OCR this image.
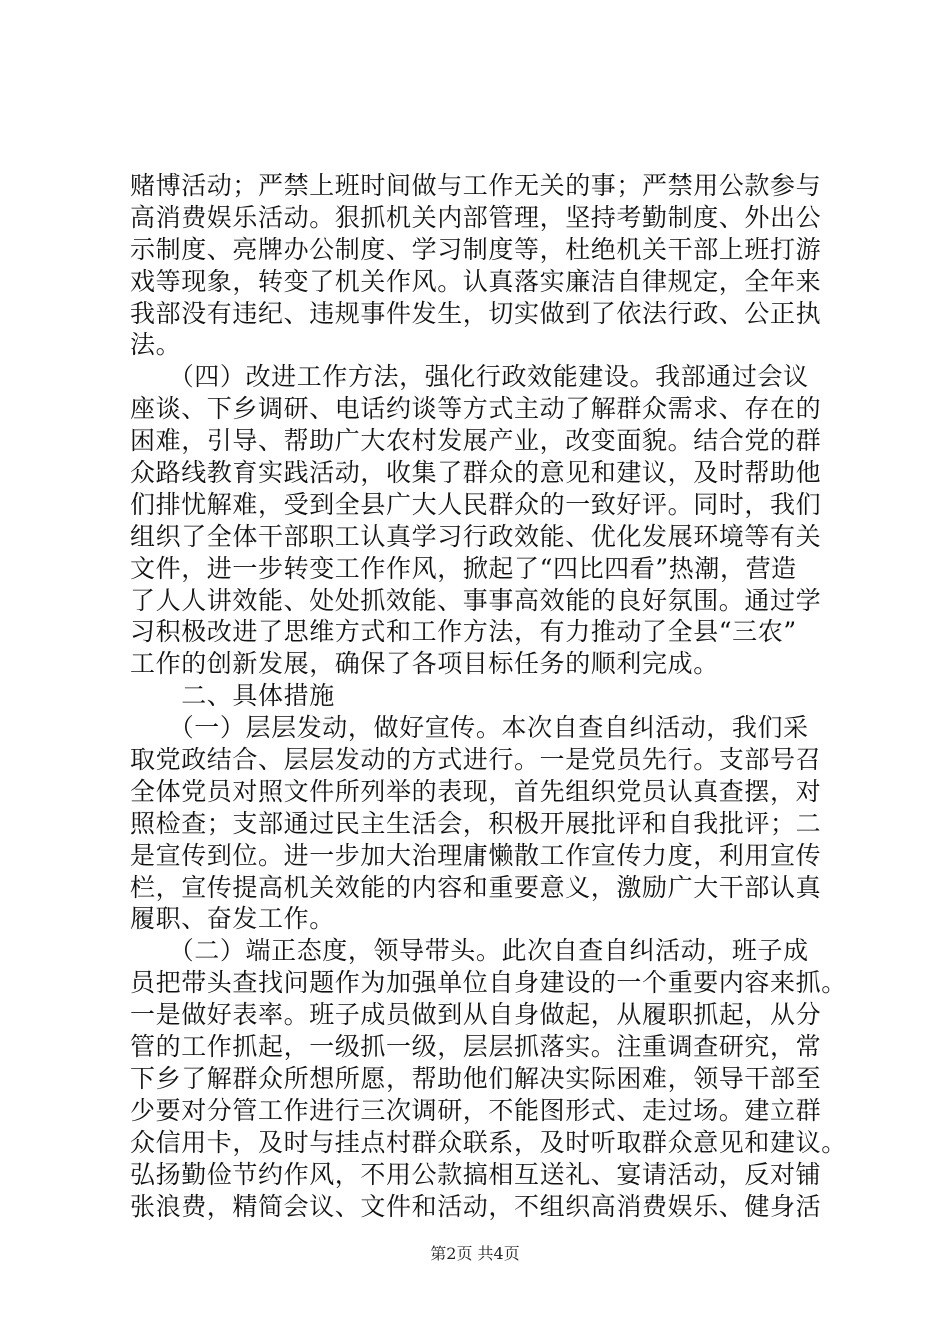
赌博活动；严禁上班时间做与工作无关的事；严禁用公款参与
高消费娱乐活动。狠抓机关内部管理，坚持考勤制度、外出公
示制度、亮牌办公制度、学习制度等，杜绝机关干部上班打游
戏等现象，转变了机关作风。认真落实廉洁自律规定，全年来
我部没有违纪、违规事件发生，切实做到了依法行政、公正执
法。
　　（四）改进工作方法，强化行政效能建设。我部通过会议
座谈、下乡调研、电话约谈等方式主动了解群众需求、存在的
困难，引导、帮助广大农村发展产业，改变面貌。结合党的群
众路线教育实践活动，收集了群众的意见和建议，及时帮助他
们排忧解难，受到全县广大人民群众的一致好评。同时，我们
组织了全体干部职工认真学习行政效能、优化发展环境等有关
文件，进一步转变工作作风，掀起了“四比四看”热潮，营造
了人人讲效能、处处抓效能、事事高效能的良好氛围。通过学
习积极改进了思维方式和工作方法，有力推动了全县“三农”
工作的创新发展，确保了各项目标任务的顺利完成。
　　二、具体措施
　　（一）层层发动，做好宣传。本次自查自纠活动，我们采
取党政结合、层层发动的方式进行。一是党员先行。支部号召
全体党员对照文件所列举的表现，首先组织党员认真查摆，对
照检查；支部通过民主生活会，积极开展批评和自我批评；二
是宣传到位。进一步加大治理庸懒散工作宣传力度，利用宣传
栏，宣传提高机关效能的内容和重要意义，激励广大干部认真
履职、奋发工作。
　　（二）端正态度，领导带头。此次自查自纠活动，班子成
员把带头查找问题作为加强单位自身建设的一个重要内容来抓。
一是做好表率。班子成员做到从自身做起，从履职抓起，从分
管的工作抓起，一级抓一级，层层抓落实。注重调查研究，常
下乡了解群众所想所愿，帮助他们解决实际困难，领导干部至
少要对分管工作进行三次调研，不能图形式、走过场。建立群
众信用卡，及时与挂点村群众联系，及时听取群众意见和建议。
弘扬勤俭节约作风，不用公款搞相互送礼、宴请活动，反对铺
张浪费，精简会议、文件和活动，不组织高消费娱乐、健身活
第2页 共4页
